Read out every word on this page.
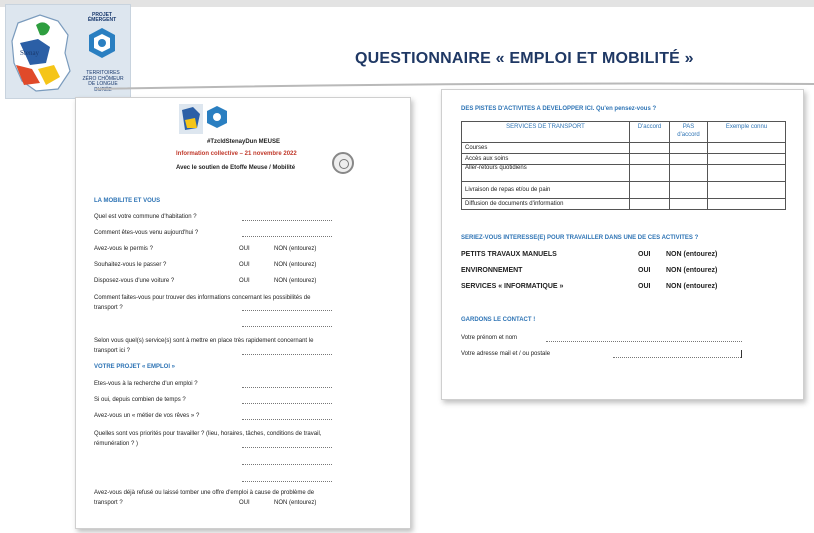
Stenay
PROJET ÉMERGENT
TERRITOIRES ZÉRO CHÔMEUR DE LONGUE DURÉE
QUESTIONNAIRE « EMPLOI ET MOBILITÉ »
#TzcldStenayDun MEUSE
Information collective – 21 novembre 2022
Avec le soutien de Etoffe Meuse / Mobilité
LA MOBILITE ET VOUS
Quel est votre commune d'habitation ?
Comment êtes-vous venu aujourd'hui ?
Avez-vous le permis ?	OUI	NON (entourez)
Souhaitez-vous le passer ?	OUI	NON (entourez)
Disposez-vous d'une voiture ?	OUI	NON (entourez)
Comment faites-vous pour trouver des informations concernant les possibilités de
transport ?
Selon vous quel(s) service(s) sont à mettre en place très rapidement concernant le
transport ici ?
VOTRE PROJET « EMPLOI »
Etes-vous à la recherche d'un emploi ?
Si oui, depuis combien de temps ?
Avez-vous un « métier de vos rêves » ?
Quelles sont vos priorités pour travailler ? (lieu, horaires, tâches, conditions de travail,
rémunération ? )
Avez-vous déjà refusé ou laissé tomber une offre d'emploi à cause de problème de
transport ?	OUI	NON (entourez)
DES PISTES D'ACTIVITES A DEVELOPPER ICI. Qu'en pensez-vous ?
SERVICES DE TRANSPORT	D'accord	PAS d'accord	Exemple connu
Courses			
Accès aux soins			
Aller-retours quotidiens			
Livraison de repas et/ou de pain			
Diffusion de documents d'information			
SERIEZ-VOUS INTERESSE(E) POUR TRAVAILLER DANS UNE DE CES ACTIVITES ?
PETITS TRAVAUX MANUELS	OUI NON (entourez)
ENVIRONNEMENT	OUI NON (entourez)
SERVICES « INFORMATIQUE »	OUI NON (entourez)
GARDONS LE CONTACT !
Votre prénom et nom
Votre adresse mail et / ou postale
